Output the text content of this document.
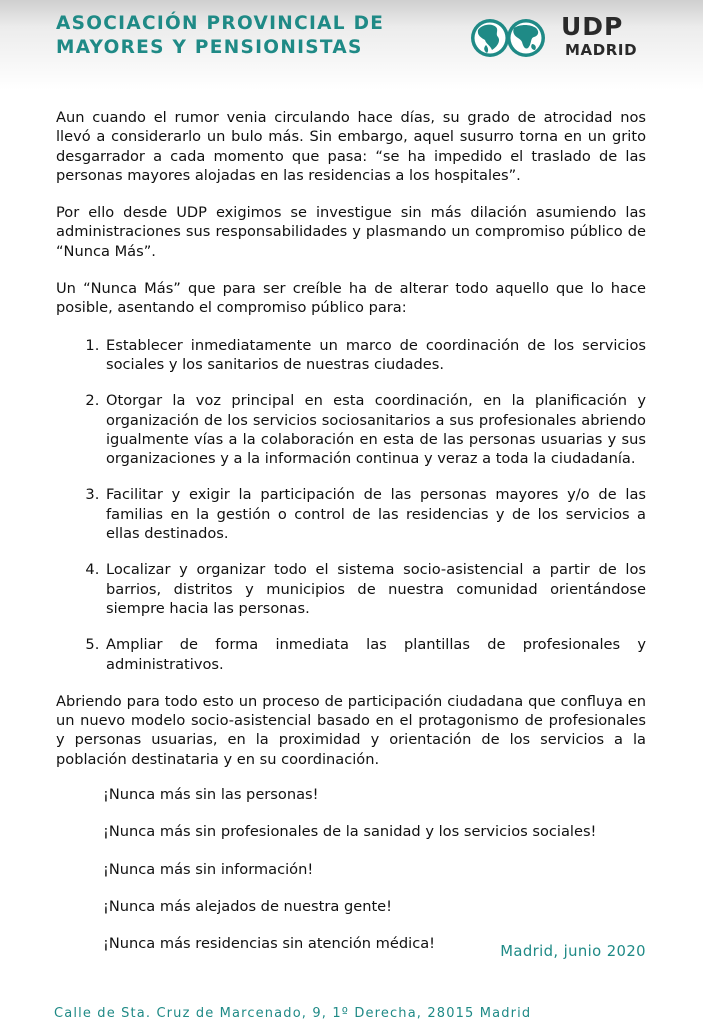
ASOCIACIÓN PROVINCIAL DE
MAYORES Y PENSIONISTAS
UDP
MADRID

Aun cuando el rumor venia circulando hace días, su grado de atrocidad nos llevó a considerarlo un bulo más. Sin embargo, aquel susurro torna en un grito desgarrador a cada momento que pasa: “se ha impedido el traslado de las personas mayores alojadas en las residencias a los hospitales”.

Por ello desde UDP exigimos se investigue sin más dilación asumiendo las administraciones sus responsabilidades y plasmando un compromiso público de “Nunca Más”.

Un “Nunca Más” que para ser creíble ha de alterar todo aquello que lo hace posible, asentando el compromiso público para:

1. Establecer inmediatamente un marco de coordinación de los servicios sociales y los sanitarios de nuestras ciudades.
2. Otorgar la voz principal en esta coordinación, en la planificación y organización de los servicios sociosanitarios a sus profesionales abriendo igualmente vías a la colaboración en esta de las personas usuarias y sus organizaciones y a la información continua y veraz a toda la ciudadanía.
3. Facilitar y exigir la participación de las personas mayores y/o de las familias en la gestión o control de las residencias y de los servicios a ellas destinados.
4. Localizar y organizar todo el sistema socio-asistencial a partir de los barrios, distritos y municipios de nuestra comunidad orientándose siempre hacia las personas.
5. Ampliar de forma inmediata las plantillas de profesionales y administrativos.

Abriendo para todo esto un proceso de participación ciudadana que confluya en un nuevo modelo socio-asistencial basado en el protagonismo de profesionales y personas usuarias, en la proximidad y orientación de los servicios a la población destinataria y en su coordinación.

¡Nunca más sin las personas!
¡Nunca más sin profesionales de la sanidad y los servicios sociales!
¡Nunca más sin información!
¡Nunca más alejados de nuestra gente!
¡Nunca más residencias sin atención médica!	Madrid, junio 2020
Calle de Sta. Cruz de Marcenado, 9, 1º Derecha, 28015 Madrid
